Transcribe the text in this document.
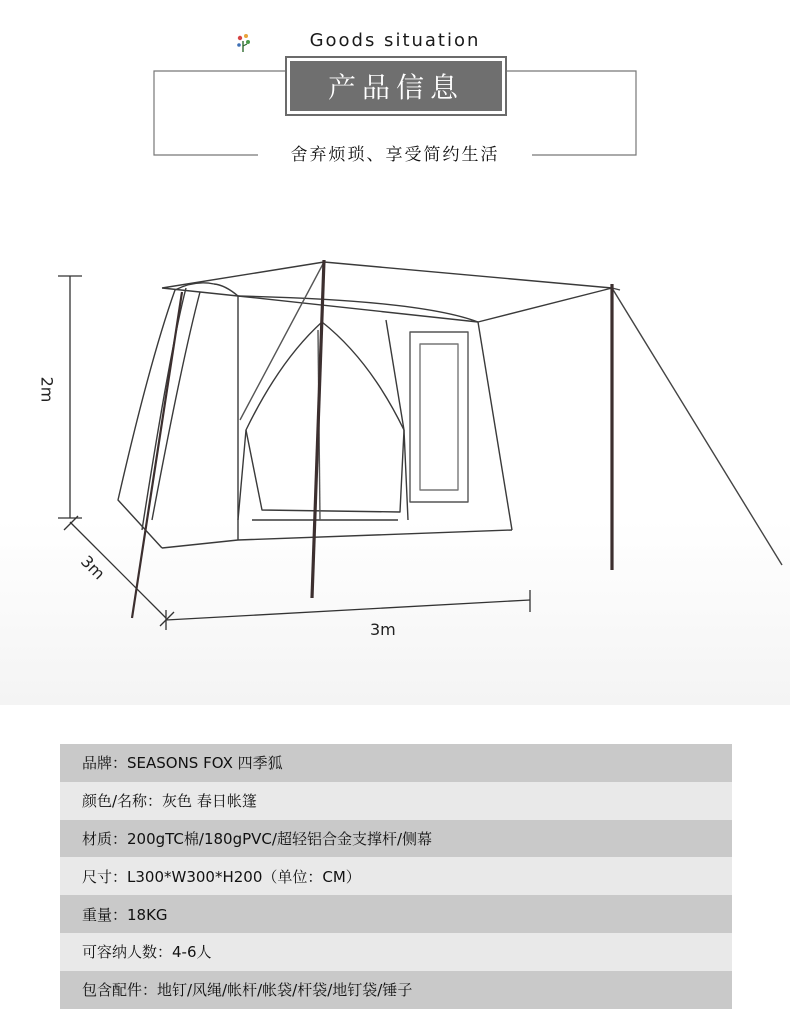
Goods situation
产品信息
舍弃烦琐、享受简约生活
2m
3m
3m
品牌：SEASONS FOX 四季狐
颜色/名称：灰色 春日帐篷
材质：200gTC棉/180gPVC/超轻铝合金支撑杆/侧幕
尺寸：L300*W300*H200（单位：CM）
重量：18KG
可容纳人数：4-6人
包含配件：地钉/风绳/帐杆/帐袋/杆袋/地钉袋/锤子
